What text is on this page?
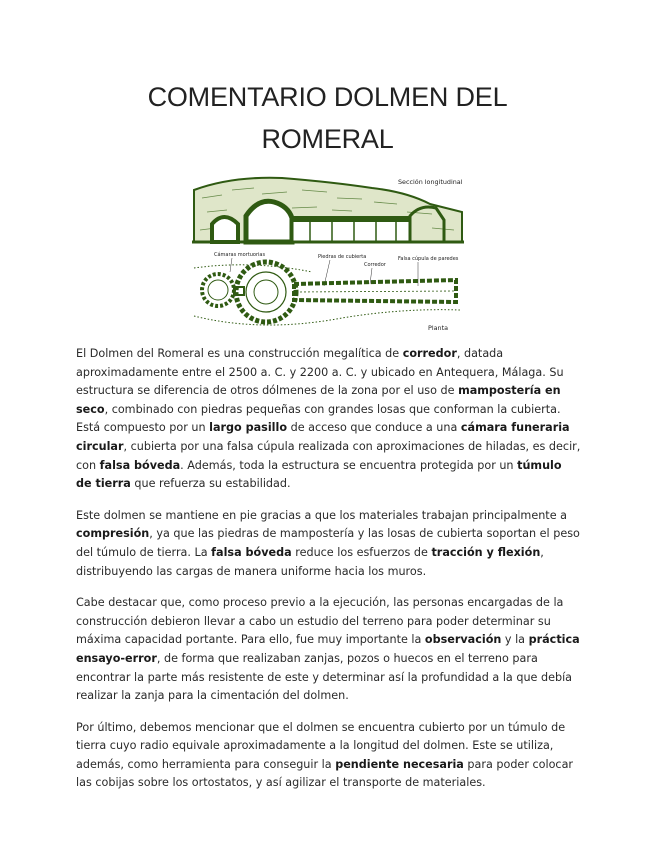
COMENTARIO DOLMEN DEL
ROMERAL
Sección longitudinal
Cámaras mortuorias	Piedras de cubierta
Corredor
Falsa cúpula de paredes
Planta

El Dolmen del Romeral es una construcción megalítica de corredor, datada aproximadamente entre el 2500 a. C. y 2200 a. C. y ubicado en Antequera, Málaga. Su estructura se diferencia de otros dólmenes de la zona por el uso de mampostería en seco, combinado con piedras pequeñas con grandes losas que conforman la cubierta. Está compuesto por un largo pasillo de acceso que conduce a una cámara funeraria circular, cubierta por una falsa cúpula realizada con aproximaciones de hiladas, es decir, con falsa bóveda. Además, toda la estructura se encuentra protegida por un túmulo de tierra que refuerza su estabilidad.

Este dolmen se mantiene en pie gracias a que los materiales trabajan principalmente a compresión, ya que las piedras de mampostería y las losas de cubierta soportan el peso del túmulo de tierra. La falsa bóveda reduce los esfuerzos de tracción y flexión, distribuyendo las cargas de manera uniforme hacia los muros.

Cabe destacar que, como proceso previo a la ejecución, las personas encargadas de la construcción debieron llevar a cabo un estudio del terreno para poder determinar su máxima capacidad portante. Para ello, fue muy importante la observación y la práctica ensayo-error, de forma que realizaban zanjas, pozos o huecos en el terreno para encontrar la parte más resistente de este y determinar así la profundidad a la que debía realizar la zanja para la cimentación del dolmen.

Por último, debemos mencionar que el dolmen se encuentra cubierto por un túmulo de tierra cuyo radio equivale aproximadamente a la longitud del dolmen. Este se utiliza, además, como herramienta para conseguir la pendiente necesaria para poder colocar las cobijas sobre los ortostatos, y así agilizar el transporte de materiales.
